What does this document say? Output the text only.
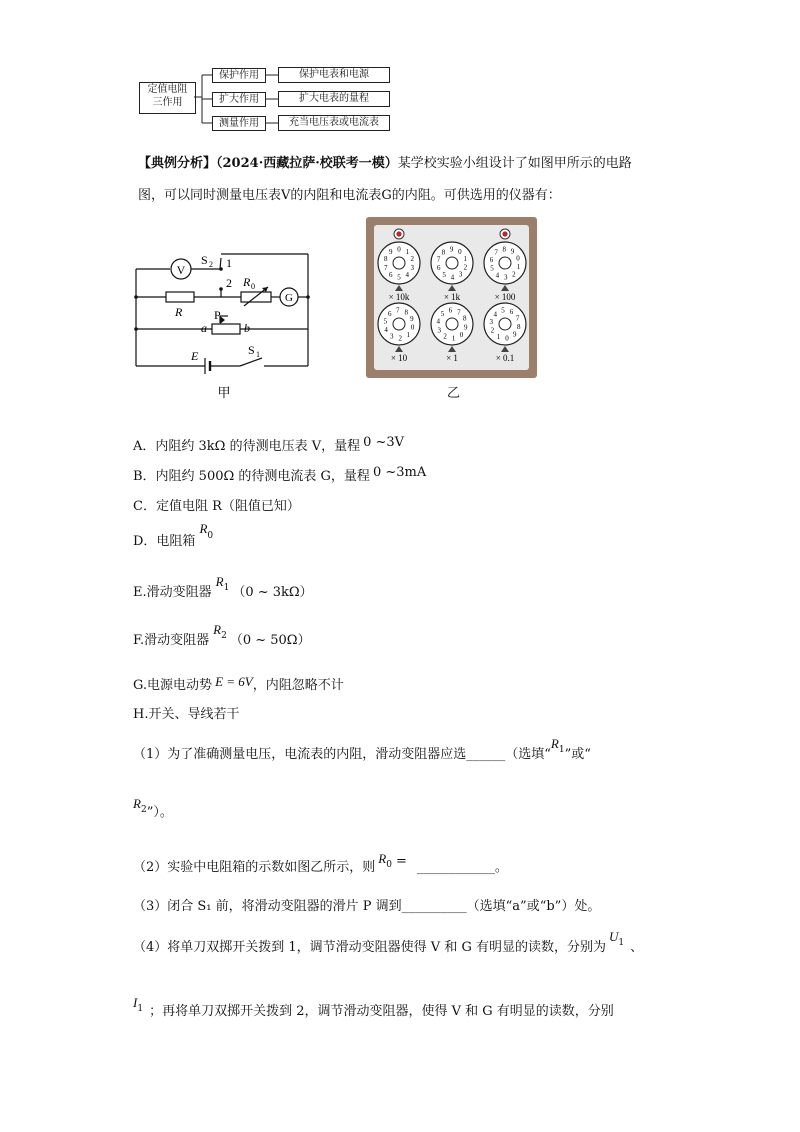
定值电阻
三作用
保护作用
扩大作用
测量作用
保护电表和电源
扩大电表的量程
充当电压表或电流表
【典例分析】（2024·西藏拉萨·校联考一模）某学校实验小组设计了如图甲所示的电路
图，可以同时测量电压表V的内阻和电流表G的内阻。可供选用的仪器有：
V
G
S 2 1
2 R 0
R	P
a	b
E	S 1
甲
0 1
2
3
4
5
6
7
8
9
× 10k
0
1
2
3
4
5
6
7
8 9
× 1k
0
1
2
3
4
5
6
7 8 9
× 100
0
1
2
3
4
5
6 7 8
9
× 10
0
1
2
3
4
5 6 7
8
9
× 1
0
1
2
3
4 5 6
7
8
9
× 0.1
乙
A．内阻约 3kΩ 的待测电压表 V，量程 0 ~3V
B．内阻约 500Ω 的待测电流表 G，量程 0 ~3mA
C．定值电阻 R（阻值已知）
D．电阻箱$R^0$
E.滑动变阻器$R^1$ （0 ~ 3kΩ）
F.滑动变阻器$R^2$ （0 ~ 50Ω）
G.电源电动势 E = 6V，内阻忽略不计
H.开关、导线若干
（1）为了准确测量电压，电流表的内阻，滑动变阻器应选______（选填“$R^1$”或“
$R^2$”）。
（2）实验中电阻箱的示数如图乙所示，则$R^0$ = ____________。
（3）闭合 S₁ 前，将滑动变阻器的滑片 P 调到__________（选填“a”或“b”）处。
（4）将单刀双掷开关拨到 1，调节滑动变阻器使得 V 和 G 有明显的读数，分别为$U^1$ 、
$I^1$ ；再将单刀双掷开关拨到 2，调节滑动变阻器，使得 V 和 G 有明显的读数，分别
